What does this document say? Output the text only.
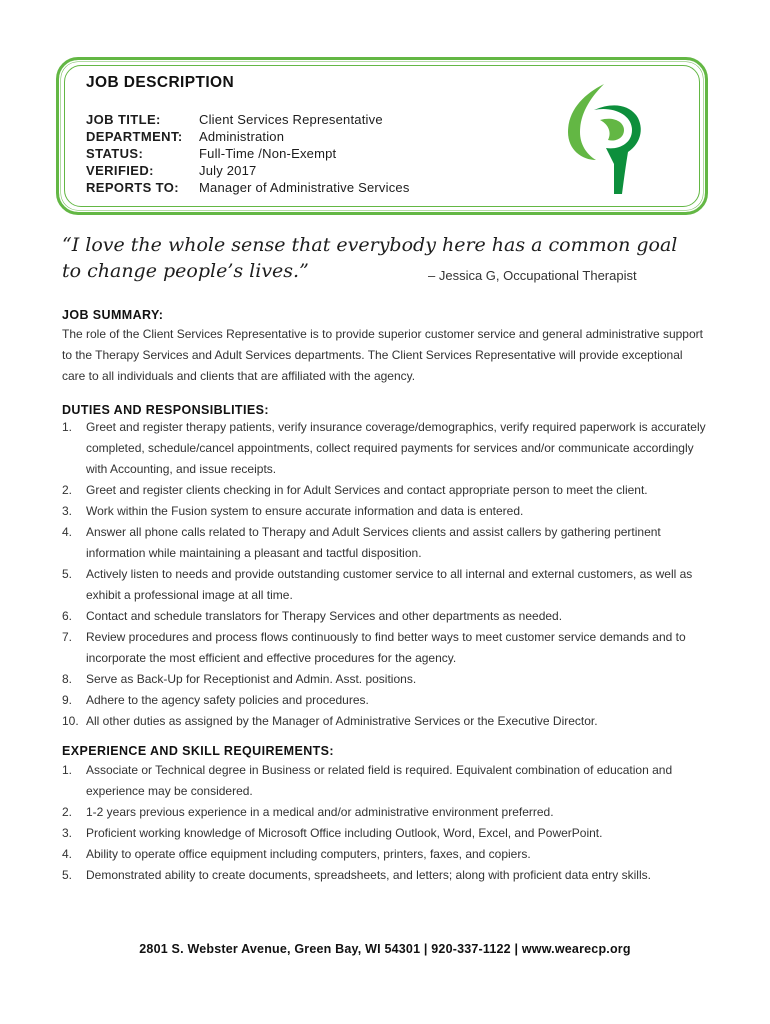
JOB DESCRIPTION
JOB TITLE:	Client Services Representative
DEPARTMENT:	Administration
STATUS:	Full-Time /Non-Exempt
VERIFIED:	July 2017
REPORTS TO:	Manager of Administrative Services
“I love the whole sense that everybody here has a common goal to change people’s lives.”	– Jessica G, Occupational Therapist
JOB SUMMARY:
The role of the Client Services Representative is to provide superior customer service and general administrative support to the Therapy Services and Adult Services departments. The Client Services Representative will provide exceptional care to all individuals and clients that are affiliated with the agency.
DUTIES AND RESPONSIBLITIES:
1. Greet and register therapy patients, verify insurance coverage/demographics, verify required paperwork is accurately completed, schedule/cancel appointments, collect required payments for services and/or communicate accordingly with Accounting, and issue receipts.
2. Greet and register clients checking in for Adult Services and contact appropriate person to meet the client.
3. Work within the Fusion system to ensure accurate information and data is entered.
4. Answer all phone calls related to Therapy and Adult Services clients and assist callers by gathering pertinent information while maintaining a pleasant and tactful disposition.
5. Actively listen to needs and provide outstanding customer service to all internal and external customers, as well as exhibit a professional image at all time.
6. Contact and schedule translators for Therapy Services and other departments as needed.
7. Review procedures and process flows continuously to find better ways to meet customer service demands and to incorporate the most efficient and effective procedures for the agency.
8. Serve as Back-Up for Receptionist and Admin. Asst. positions.
9. Adhere to the agency safety policies and procedures.
10. All other duties as assigned by the Manager of Administrative Services or the Executive Director.
EXPERIENCE AND SKILL REQUIREMENTS:
1. Associate or Technical degree in Business or related field is required. Equivalent combination of education and experience may be considered.
2. 1-2 years previous experience in a medical and/or administrative environment preferred.
3. Proficient working knowledge of Microsoft Office including Outlook, Word, Excel, and PowerPoint.
4. Ability to operate office equipment including computers, printers, faxes, and copiers.
5. Demonstrated ability to create documents, spreadsheets, and letters; along with proficient data entry skills.
2801 S. Webster Avenue, Green Bay, WI 54301 | 920-337-1122 | www.wearecp.org
